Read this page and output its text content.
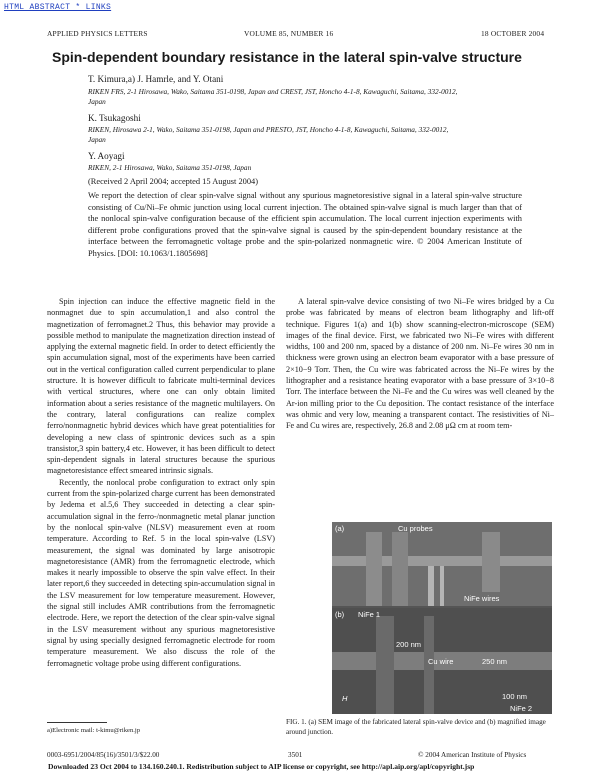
HTML ABSTRACT * LINKS
APPLIED PHYSICS LETTERS	VOLUME 85, NUMBER 16	18 OCTOBER 2004
Spin-dependent boundary resistance in the lateral spin-valve structure
T. Kimura,a) J. Hamrle, and Y. Otani
RIKEN FRS, 2-1 Hirosawa, Wako, Saitama 351-0198, Japan and CREST, JST, Honcho 4-1-8, Kawaguchi, Saitama, 332-0012, Japan
K. Tsukagoshi
RIKEN, Hirosawa 2-1, Wako, Saitama 351-0198, Japan and PRESTO, JST, Honcho 4-1-8, Kawaguchi, Saitama, 332-0012, Japan
Y. Aoyagi
RIKEN, 2-1 Hirosawa, Wako, Saitama 351-0198, Japan
(Received 2 April 2004; accepted 15 August 2004)
We report the detection of clear spin-valve signal without any spurious magnetoresistive signal in a lateral spin-valve structure consisting of Cu/Ni–Fe ohmic junction using local current injection. The obtained spin-valve signal is much larger than that of the nonlocal spin-valve configuration because of the efficient spin accumulation. The local current injection experiments with different probe configurations proved that the spin-valve signal is caused by the spin-dependent boundary resistance at the interface between the ferromagnetic voltage probe and the spin-polarized nonmagnetic wire. © 2004 American Institute of Physics. [DOI: 10.1063/1.1805698]

Spin injection can induce the effective magnetic field in the nonmagnet due to spin accumulation,1 and also control the magnetization of ferromagnet.2 Thus, this behavior may provide a possible method to manipulate the magnetization direction instead of applying the external magnetic field. In order to detect efficiently the spin accumulation signal, most of the experiments have been carried out in the vertical configuration called current perpendicular to plane structure. It is however difficult to fabricate multi-terminal devices with vertical structures, where one can only obtain limited information about a series resistance of the magnetic multilayers. On the contrary, lateral configurations can realize complex ferro/nonmagnetic hybrid devices which have great potentialities for developing a new class of spintronic devices such as a spin transistor,3 spin battery,4 etc. However, it has been difficult to detect spin-dependent signals in lateral structures because the spurious magnetoresistance effect smeared intrinsic signals.

Recently, the nonlocal probe configuration to extract only spin current from the spin-polarized charge current has been demonstrated by Jedema et al.5,6 They succeeded in detecting a clear spin-accumulation signal in the ferro-/nonmagnetic metal planar junction by the nonlocal spin-valve (NLSV) measurement even at room temperature. According to Ref. 5 in the local spin-valve (LSV) measurement, the signal was dominated by large anisotropic magnetoresistance (AMR) from the ferromagnetic electrode, which makes it nearly impossible to observe the spin valve effect. In their later report,6 they succeeded in detecting spin-accumulation signal in the LSV measurement for low temperature measurement. However, the signal still includes AMR contributions from the ferromagnetic electrode. Here, we report the detection of the clear spin-valve signal in the LSV measurement without any spurious magnetoresistive signal by using specially designed ferromagnetic electrode for room temperature measurement. We also discuss the role of the ferromagnetic voltage probe using different configurations.

A lateral spin-valve device consisting of two Ni–Fe wires bridged by a Cu probe was fabricated by means of electron beam lithography and lift-off technique. Figures 1(a) and 1(b) show scanning-electron-microscope (SEM) images of the final device. First, we fabricated two Ni–Fe wires with different widths, 100 and 200 nm, spaced by a distance of 200 nm. Ni–Fe wires 30 nm in thickness were grown using an electron beam evaporator with a base pressure of 2×10−9 Torr. Then, the Cu wire was fabricated across the Ni–Fe wires by the lithographer and a resistance heating evaporator with a base pressure of 3×10−8 Torr. The interface between the Ni–Fe and the Cu wires was well cleaned by the Ar-ion milling prior to the Cu deposition. The contact resistance of the interface was ohmic and very low, meaning a transparent contact. The resistivities of Ni–Fe and Cu wires are, respectively, 26.8 and 2.08 μΩ cm at room tem-

(a)	Cu probes
NiFe wires
(b) NiFe 1
200 nm
Cu wire	250 nm
100 nm
NiFe 2
H
FIG. 1. (a) SEM image of the fabricated lateral spin-valve device and (b) magnified image around junction.
a)Electronic mail: t-kimu@riken.jp
0003-6951/2004/85(16)/3501/3/$22.00	3501	© 2004 American Institute of Physics
Downloaded 23 Oct 2004 to 134.160.240.1. Redistribution subject to AIP license or copyright, see http://apl.aip.org/apl/copyright.jsp
